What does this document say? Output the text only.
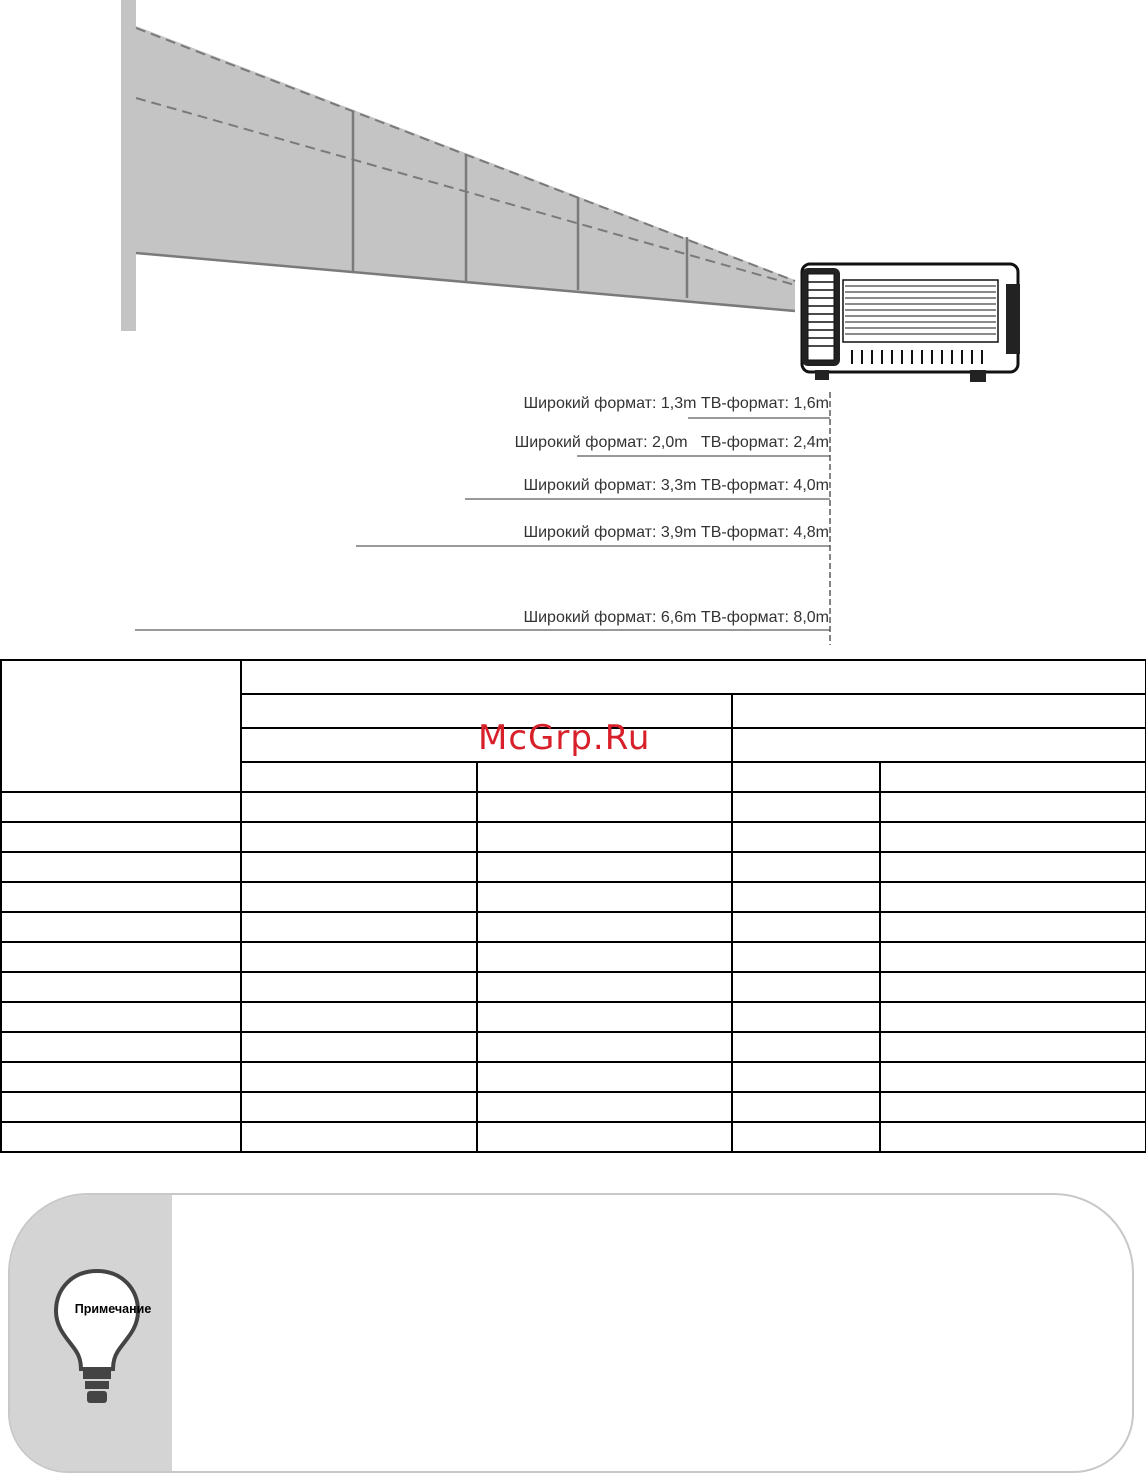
Широкий формат: 1,3m ТВ-формат: 1,6m
Широкий формат: 2,0m ТВ-формат: 2,4m
Широкий формат: 3,3m ТВ-формат: 4,0m
Широкий формат: 3,9m ТВ-формат: 4,8m
Широкий формат: 6,6m ТВ-формат: 8,0m

McGrp.Ru
Примечание
